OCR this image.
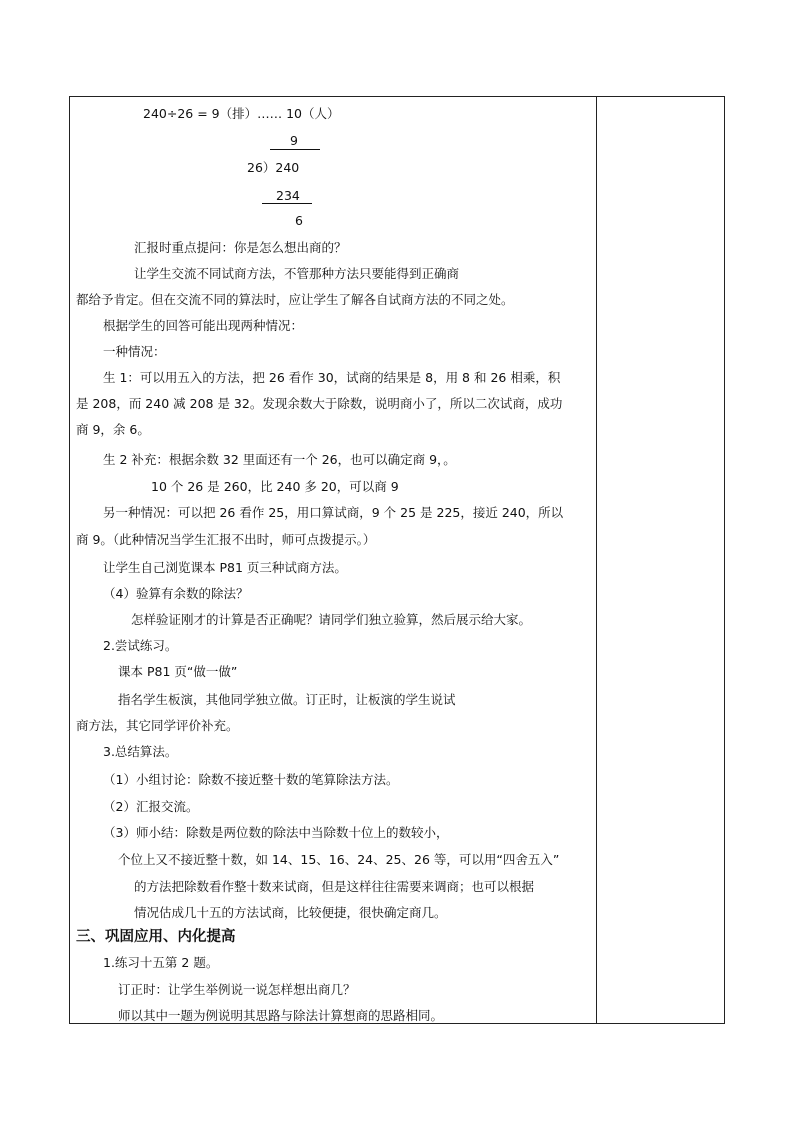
240÷26 = 9（排）…… 10（人）
9
26）240
234
6
汇报时重点提问：你是怎么想出商的？
让学生交流不同试商方法，不管那种方法只要能得到正确商
都给予肯定。但在交流不同的算法时，应让学生了解各自试商方法的不同之处。
根据学生的回答可能出现两种情况：
一种情况：
生 1：可以用五入的方法，把 26 看作 30，试商的结果是 8，用 8 和 26 相乘，积
是 208，而 240 减 208 是 32。发现余数大于除数，说明商小了，所以二次试商，成功
商 9，余 6。
生 2 补充：根据余数 32 里面还有一个 26，也可以确定商 9，。
10 个 26 是 260，比 240 多 20，可以商 9
另一种情况：可以把 26 看作 25，用口算试商，9 个 25 是 225，接近 240，所以
商 9。（此种情况当学生汇报不出时，师可点拨提示。）
让学生自己浏览课本 P81 页三种试商方法。
（4）验算有余数的除法？
怎样验证刚才的计算是否正确呢？请同学们独立验算，然后展示给大家。
2.尝试练习。
课本 P81 页“做一做”
指名学生板演，其他同学独立做。订正时，让板演的学生说试
商方法，其它同学评价补充。
3.总结算法。
（1）小组讨论：除数不接近整十数的笔算除法方法。
（2）汇报交流。
（3）师小结：除数是两位数的除法中当除数十位上的数较小，
个位上又不接近整十数，如 14、15、16、24、25、26 等，可以用“四舍五入”
的方法把除数看作整十数来试商，但是这样往往需要来调商；也可以根据
情况估成几十五的方法试商，比较便捷，很快确定商几。
三、巩固应用、内化提高
1.练习十五第 2 题。
订正时：让学生举例说一说怎样想出商几？
师以其中一题为例说明其思路与除法计算想商的思路相同。
